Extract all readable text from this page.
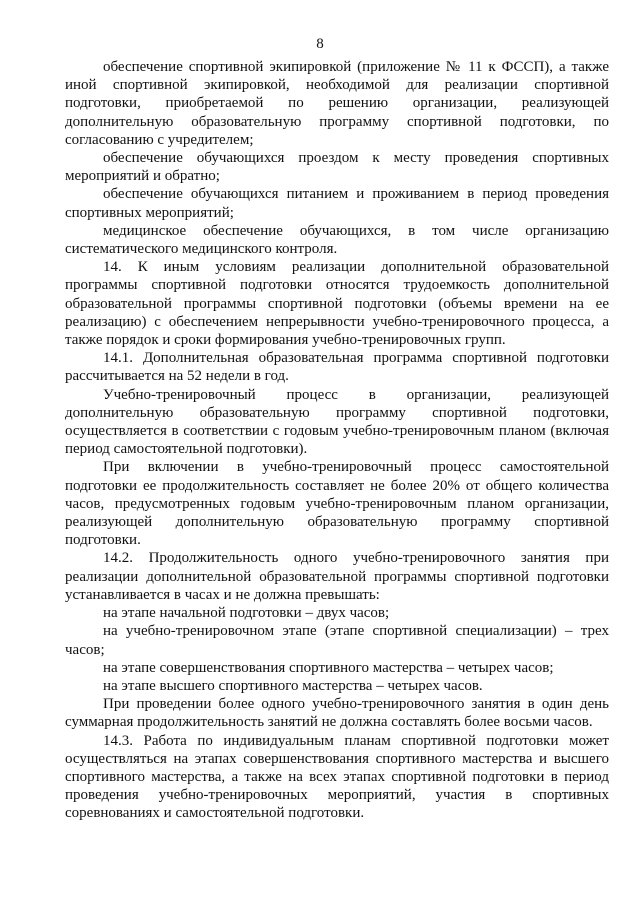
8

обеспечение спортивной экипировкой (приложение № 11 к ФССП), а также иной спортивной экипировкой, необходимой для реализации спортивной подготовки, приобретаемой по решению организации, реализующей дополнительную образовательную программу спортивной подготовки, по согласованию с учредителем;

обеспечение обучающихся проездом к месту проведения спортивных мероприятий и обратно;

обеспечение обучающихся питанием и проживанием в период проведения спортивных мероприятий;

медицинское обеспечение обучающихся, в том числе организацию систематического медицинского контроля.

14. К иным условиям реализации дополнительной образовательной программы спортивной подготовки относятся трудоемкость дополнительной образовательной программы спортивной подготовки (объемы времени на ее реализацию) с обеспечением непрерывности учебно-тренировочного процесса, а также порядок и сроки формирования учебно-тренировочных групп.

14.1. Дополнительная образовательная программа спортивной подготовки рассчитывается на 52 недели в год.

Учебно-тренировочный процесс в организации, реализующей дополнительную образовательную программу спортивной подготовки, осуществляется в соответствии с годовым учебно-тренировочным планом (включая период самостоятельной подготовки).

При включении в учебно-тренировочный процесс самостоятельной подготовки ее продолжительность составляет не более 20% от общего количества часов, предусмотренных годовым учебно-тренировочным планом организации, реализующей дополнительную образовательную программу спортивной подготовки.

14.2. Продолжительность одного учебно-тренировочного занятия при реализации дополнительной образовательной программы спортивной подготовки устанавливается в часах и не должна превышать:

на этапе начальной подготовки – двух часов;

на учебно-тренировочном этапе (этапе спортивной специализации) – трех часов;

на этапе совершенствования спортивного мастерства – четырех часов;

на этапе высшего спортивного мастерства – четырех часов.

При проведении более одного учебно-тренировочного занятия в один день суммарная продолжительность занятий не должна составлять более восьми часов.

14.3. Работа по индивидуальным планам спортивной подготовки может осуществляться на этапах совершенствования спортивного мастерства и высшего спортивного мастерства, а также на всех этапах спортивной подготовки в период проведения учебно-тренировочных мероприятий, участия в спортивных соревнованиях и самостоятельной подготовки.
